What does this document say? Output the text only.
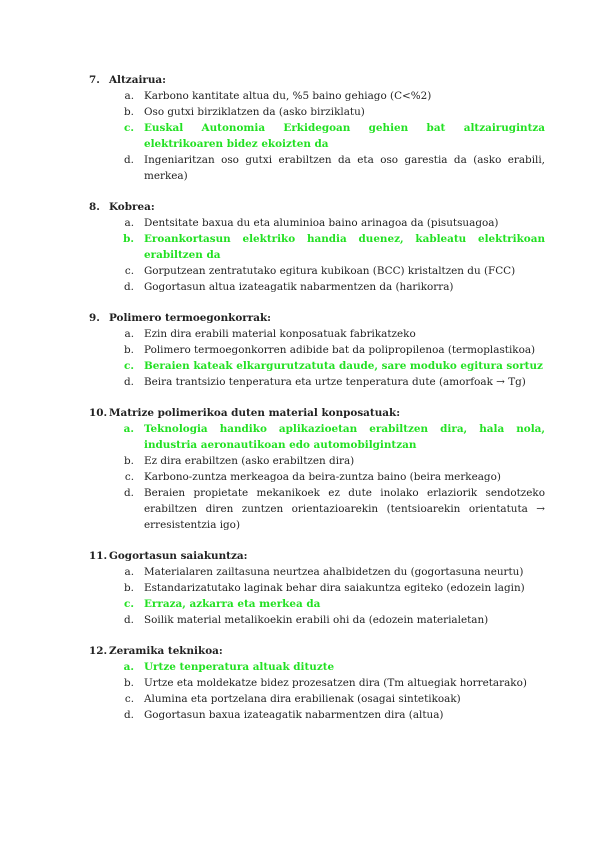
7. Altzairua:
a. Karbono kantitate altua du, %5 baino gehiago (C<%2)
b. Oso gutxi birziklatzen da (asko birziklatu)
c. Euskal Autonomia Erkidegoan gehien bat altzairugintza elektrikoaren bidez ekoizten da
d. Ingeniaritzan oso gutxi erabiltzen da eta oso garestia da (asko erabili, merkea)
8. Kobrea:
a. Dentsitate baxua du eta aluminioa baino arinagoa da (pisutsuagoa)
b. Eroankortasun elektriko handia duenez, kableatu elektrikoan erabiltzen da
c. Gorputzean zentratutako egitura kubikoan (BCC) kristaltzen du (FCC)
d. Gogortasun altua izateagatik nabarmentzen da (harikorra)
9. Polimero termoegonkorrak:
a. Ezin dira erabili material konposatuak fabrikatzeko
b. Polimero termoegonkorren adibide bat da polipropilenoa (termoplastikoa)
c. Beraien kateak elkargurutzatuta daude, sare moduko egitura sortuz
d. Beira trantsizio tenperatura eta urtze tenperatura dute (amorfoak → Tg)
10. Matrize polimerikoa duten material konposatuak:
a. Teknologia handiko aplikazioetan erabiltzen dira, hala nola, industria aeronautikoan edo automobilgintzan
b. Ez dira erabiltzen (asko erabiltzen dira)
c. Karbono-zuntza merkeagoa da beira-zuntza baino (beira merkeago)
d. Beraien propietate mekanikoek ez dute inolako erlaziorik sendotzeko erabiltzen diren zuntzen orientazioarekin (tentsioarekin orientatuta → erresistentzia igo)
11. Gogortasun saiakuntza:
a. Materialaren zailtasuna neurtzea ahalbidetzen du (gogortasuna neurtu)
b. Estandarizatutako laginak behar dira saiakuntza egiteko (edozein lagin)
c. Erraza, azkarra eta merkea da
d. Soilik material metalikoekin erabili ohi da (edozein materialetan)
12. Zeramika teknikoa:
a. Urtze tenperatura altuak dituzte
b. Urtze eta moldekatze bidez prozesatzen dira (Tm altuegiak horretarako)
c. Alumina eta portzelana dira erabilienak (osagai sintetikoak)
d. Gogortasun baxua izateagatik nabarmentzen dira (altua)
